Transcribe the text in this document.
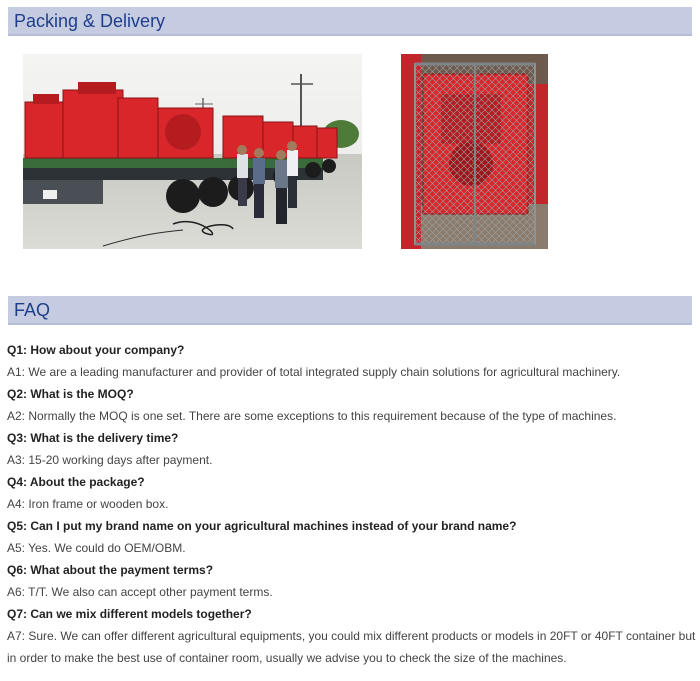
Packing & Delivery
FAQ
Q1: How about your company?
A1: We are a leading manufacturer and provider of total integrated supply chain solutions for agricultural machinery.
Q2: What is the MOQ?
A2: Normally the MOQ is one set. There are some exceptions to this requirement because of the type of machines.
Q3: What is the delivery time?
A3: 15-20 working days after payment.
Q4: About the package?
A4: Iron frame or wooden box.
Q5: Can I put my brand name on your agricultural machines instead of your brand name?
A5: Yes. We could do OEM/OBM.
Q6: What about the payment terms?
A6: T/T. We also can accept other payment terms.
Q7: Can we mix different models together?
A7: Sure. We can offer different agricultural equipments, you could mix different products or models in 20FT or 40FT container but in order to make the best use of container room, usually we advise you to check the size of the machines.
